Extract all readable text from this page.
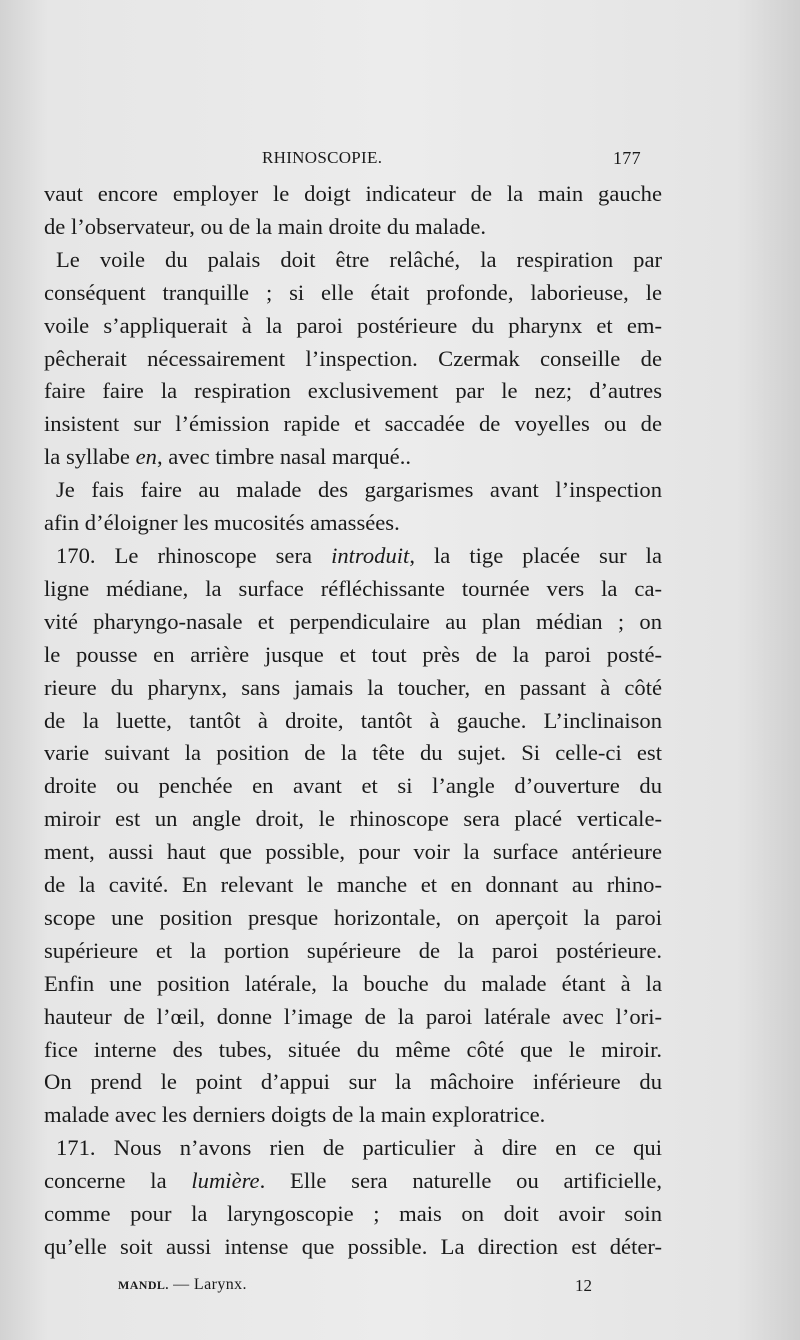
RHINOSCOPIE.	177

vaut encore employer le doigt indicateur de la main gauche
de l’observateur, ou de la main droite du malade.

Le voile du palais doit être relâché, la respiration par
conséquent tranquille ; si elle était profonde, laborieuse, le
voile s’appliquerait à la paroi postérieure du pharynx et em-
pêcherait nécessairement l’inspection. Czermak conseille de
faire faire la respiration exclusivement par le nez; d’autres
insistent sur l’émission rapide et saccadée de voyelles ou de
la syllabe en, avec timbre nasal marqué..

Je fais faire au malade des gargarismes avant l’inspection
afin d’éloigner les mucosités amassées.

170. Le rhinoscope sera introduit, la tige placée sur la
ligne médiane, la surface réfléchissante tournée vers la ca-
vité pharyngo-nasale et perpendiculaire au plan médian ; on
le pousse en arrière jusque et tout près de la paroi posté-
rieure du pharynx, sans jamais la toucher, en passant à côté
de la luette, tantôt à droite, tantôt à gauche. L’inclinaison
varie suivant la position de la tête du sujet. Si celle-ci est
droite ou penchée en avant et si l’angle d’ouverture du
miroir est un angle droit, le rhinoscope sera placé verticale-
ment, aussi haut que possible, pour voir la surface antérieure
de la cavité. En relevant le manche et en donnant au rhino-
scope une position presque horizontale, on aperçoit la paroi
supérieure et la portion supérieure de la paroi postérieure.
Enfin une position latérale, la bouche du malade étant à la
hauteur de l’œil, donne l’image de la paroi latérale avec l’ori-
fice interne des tubes, située du même côté que le miroir.
On prend le point d’appui sur la mâchoire inférieure du
malade avec les derniers doigts de la main exploratrice.

171. Nous n’avons rien de particulier à dire en ce qui
concerne la lumière. Elle sera naturelle ou artificielle,
comme pour la laryngoscopie ; mais on doit avoir soin
qu’elle soit aussi intense que possible. La direction est déter-

MANDL. — Larynx.	12
